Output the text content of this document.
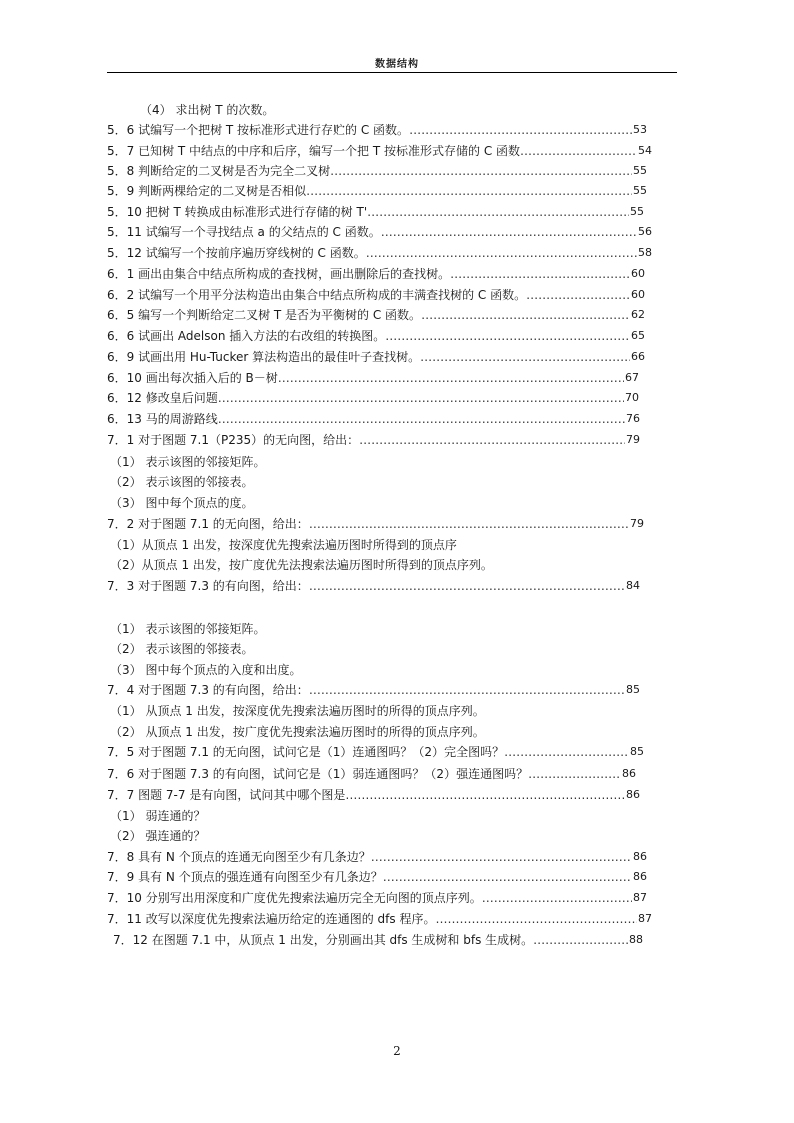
数据结构
（4） 求出树 T 的次数。
5．6 试编写一个把树 T 按标准形式进行存贮的 C 函数。 ……………………………………………………………………………………………………………………………………………………………………	53
5．7 已知树 T 中结点的中序和后序，编写一个把 T 按标准形式存储的 C 函数 ……………………………………………………………………………………………………………………………………………………………………	54
5．8 判断给定的二叉树是否为完全二叉树 ……………………………………………………………………………………………………………………………………………………………………	55
5．9 判断两棵给定的二叉树是否相似 ……………………………………………………………………………………………………………………………………………………………………	55
5．10 把树 T 转换成由标准形式进行存储的树 T' ……………………………………………………………………………………………………………………………………………………………………	55
5．11 试编写一个寻找结点 a 的父结点的 C 函数。 ……………………………………………………………………………………………………………………………………………………………………	56
5．12 试编写一个按前序遍历穿线树的 C 函数。 ……………………………………………………………………………………………………………………………………………………………………	58
6．1 画出由集合中结点所构成的查找树，画出删除后的查找树。 ……………………………………………………………………………………………………………………………………………………………………	60
6．2 试编写一个用平分法构造出由集合中结点所构成的丰满查找树的 C 函数。 ……………………………………………………………………………………………………………………………………………………………………	60
6．5 编写一个判断给定二叉树 T 是否为平衡树的 C 函数。 ……………………………………………………………………………………………………………………………………………………………………	62
6．6 试画出 Adelson 插入方法的右改组的转换图。 ……………………………………………………………………………………………………………………………………………………………………	65
6．9 试画出用 Hu-Tucker 算法构造出的最佳叶子查找树。 ……………………………………………………………………………………………………………………………………………………………………	66
6．10 画出每次插入后的 B－树 ……………………………………………………………………………………………………………………………………………………………………	67
6．12 修改皇后问题 ……………………………………………………………………………………………………………………………………………………………………	70
6．13 马的周游路线 ……………………………………………………………………………………………………………………………………………………………………	76
7．1 对于图题 7.1（P235）的无向图，给出： ……………………………………………………………………………………………………………………………………………………………………	79
（1） 表示该图的邻接矩阵。
（2） 表示该图的邻接表。
（3） 图中每个顶点的度。
7．2 对于图题 7.1 的无向图，给出： ……………………………………………………………………………………………………………………………………………………………………	79
（1）从顶点 1 出发，按深度优先搜索法遍历图时所得到的顶点序
（2）从顶点 1 出发，按广度优先法搜索法遍历图时所得到的顶点序列。
7．3 对于图题 7.3 的有向图，给出： ……………………………………………………………………………………………………………………………………………………………………	84
（1） 表示该图的邻接矩阵。
（2） 表示该图的邻接表。
（3） 图中每个顶点的入度和出度。
7．4 对于图题 7.3 的有向图，给出： ……………………………………………………………………………………………………………………………………………………………………	85
（1） 从顶点 1 出发，按深度优先搜索法遍历图时的所得的顶点序列。
（2） 从顶点 1 出发，按广度优先搜索法遍历图时的所得的顶点序列。
7．5 对于图题 7.1 的无向图，试问它是（1）连通图吗？（2）完全图吗？ ……………………………………………………………………………………………………………………………………………………………………	85
7．6 对于图题 7.3 的有向图，试问它是（1）弱连通图吗？（2）强连通图吗？ ……………………………………………………………………………………………………………………………………………………………………	86
7．7 图题 7-7 是有向图，试问其中哪个图是 ……………………………………………………………………………………………………………………………………………………………………	86
（1） 弱连通的？
（2） 强连通的？
7．8 具有 N 个顶点的连通无向图至少有几条边？ ……………………………………………………………………………………………………………………………………………………………………	86
7．9 具有 N 个顶点的强连通有向图至少有几条边？ ……………………………………………………………………………………………………………………………………………………………………	86
7．10 分别写出用深度和广度优先搜索法遍历完全无向图的顶点序列。 ……………………………………………………………………………………………………………………………………………………………………	87
7．11 改写以深度优先搜索法遍历给定的连通图的 dfs 程序。 ……………………………………………………………………………………………………………………………………………………………………	87
7．12 在图题 7.1 中，从顶点 1 出发，分别画出其 dfs 生成树和 bfs 生成树。 ……………………………………………………………………………………………………………………………………………………………………	88
2
